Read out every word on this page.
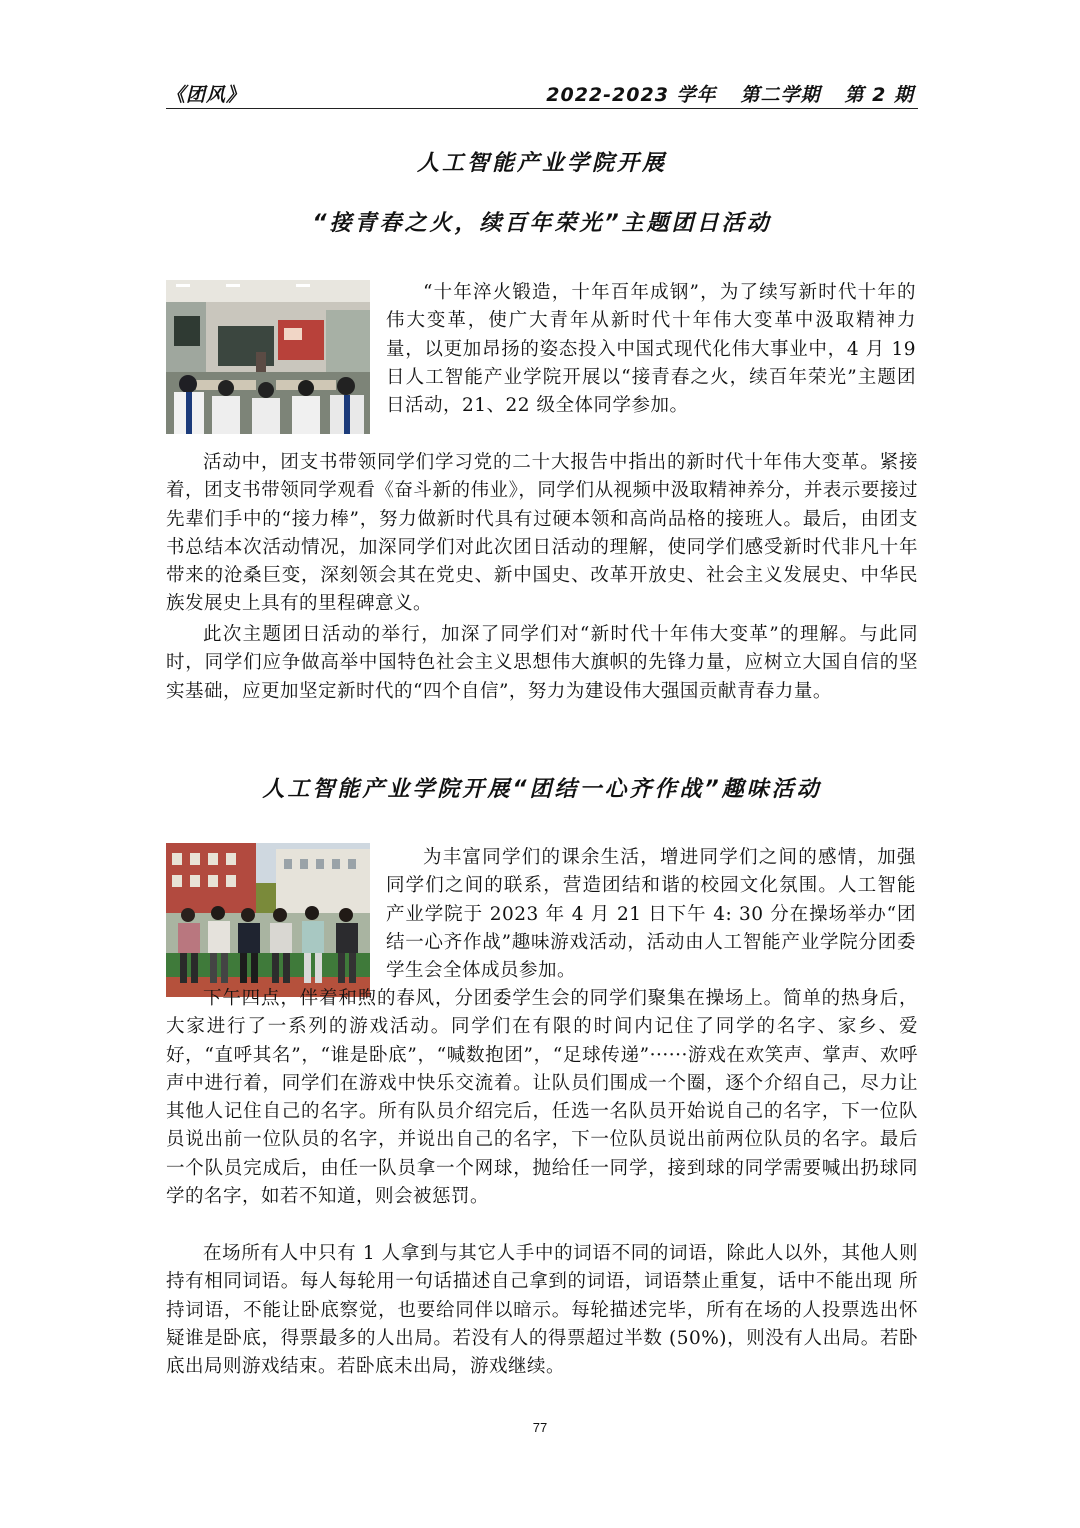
《团风》	2022-2023 学年 第二学期 第 2 期
人工智能产业学院开展
“接青春之火，续百年荣光”主题团日活动
“十年淬火锻造，十年百年成钢”，为了续写新时代十年的伟大变革，使广大青年从新时代十年伟大变革中汲取精神力量，以更加昂扬的姿态投入中国式现代化伟大事业中，4 月 19 日人工智能产业学院开展以“接青春之火，续百年荣光”主题团日活动，21、22 级全体同学参加。
活动中，团支书带领同学们学习党的二十大报告中指出的新时代十年伟大变革。紧接着，团支书带领同学观看《奋斗新的伟业》，同学们从视频中汲取精神养分，并表示要接过先辈们手中的“接力棒”，努力做新时代具有过硬本领和高尚品格的接班人。最后，由团支书总结本次活动情况，加深同学们对此次团日活动的理解，使同学们感受新时代非凡十年带来的沧桑巨变，深刻领会其在党史、新中国史、改革开放史、社会主义发展史、中华民族发展史上具有的里程碑意义。
此次主题团日活动的举行，加深了同学们对“新时代十年伟大变革”的理解。与此同时，同学们应争做高举中国特色社会主义思想伟大旗帜的先锋力量，应树立大国自信的坚实基础，应更加坚定新时代的“四个自信”，努力为建设伟大强国贡献青春力量。
人工智能产业学院开展“团结一心齐作战”趣味活动
为丰富同学们的课余生活，增进同学们之间的感情，加强同学们之间的联系，营造团结和谐的校园文化氛围。人工智能产业学院于 2023 年 4 月 21 日下午 4: 30 分在操场举办“团结一心齐作战”趣味游戏活动，活动由人工智能产业学院分团委学生会全体成员参加。
下午四点，伴着和煦的春风，分团委学生会的同学们聚集在操场上。简单的热身后，大家进行了一系列的游戏活动。同学们在有限的时间内记住了同学的名字、家乡、爱好，“直呼其名”，“谁是卧底”，“喊数抱团”，“足球传递”······游戏在欢笑声、掌声、欢呼声中进行着，同学们在游戏中快乐交流着。让队员们围成一个圈，逐个介绍自己，尽力让其他人记住自己的名字。所有队员介绍完后，任选一名队员开始说自己的名字，下一位队员说出前一位队员的名字，并说出自己的名字，下一位队员说出前两位队员的名字。最后一个队员完成后，由任一队员拿一个网球，抛给任一同学，接到球的同学需要喊出扔球同学的名字，如若不知道，则会被惩罚。
在场所有人中只有 1 人拿到与其它人手中的词语不同的词语，除此人以外，其他人则持有相同词语。每人每轮用一句话描述自己拿到的词语，词语禁止重复，话中不能出现 所持词语，不能让卧底察觉，也要给同伴以暗示。每轮描述完毕，所有在场的人投票选出怀疑谁是卧底，得票最多的人出局。若没有人的得票超过半数 (50%)，则没有人出局。若卧底出局则游戏结束。若卧底未出局，游戏继续。
77
